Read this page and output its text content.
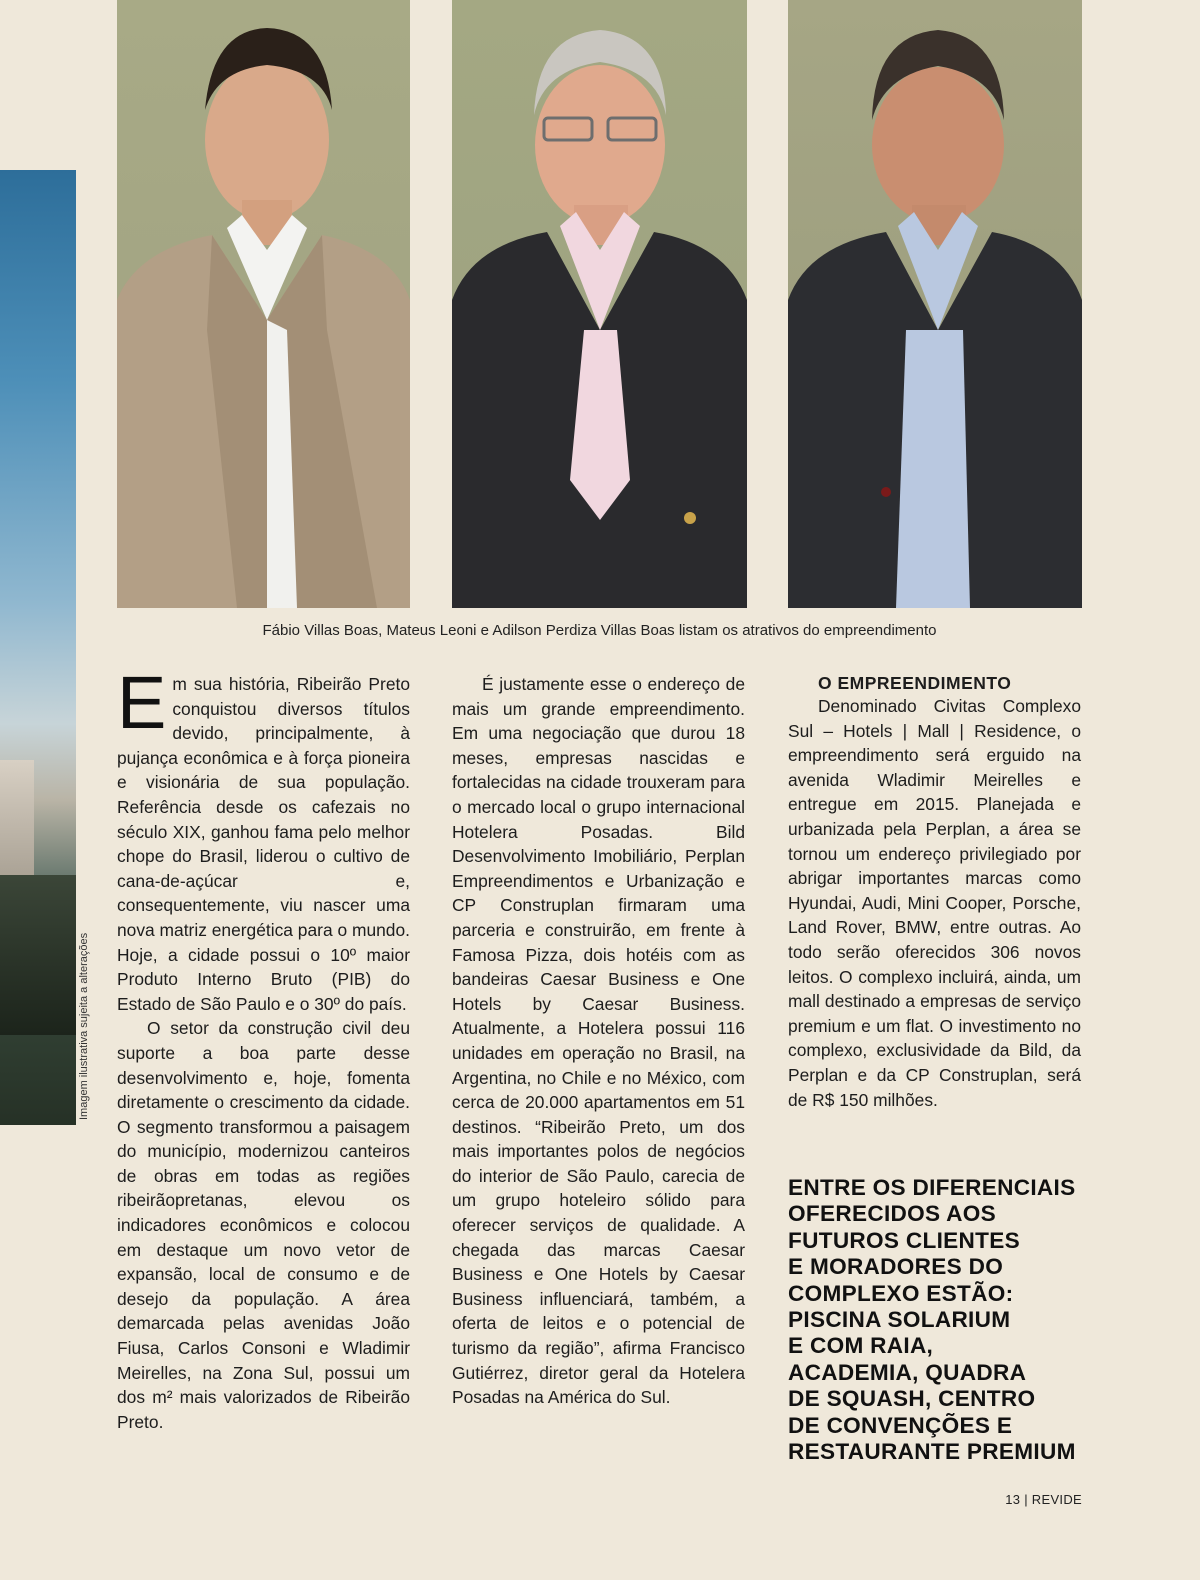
Imagem ilustrativa sujeita a alterações
Fábio Villas Boas, Mateus Leoni e Adilson Perdiza Villas Boas listam os atrativos do empreendimento

Em sua história, Ribeirão Preto conquistou diversos títulos devido, principalmente, à pujança econômica e à força pioneira e visionária de sua população. Referência desde os cafezais no século XIX, ganhou fama pelo melhor chope do Brasil, liderou o cultivo de cana-de-açúcar e, consequentemente, viu nascer uma nova matriz energética para o mundo. Hoje, a cidade possui o 10º maior Produto Interno Bruto (PIB) do Estado de São Paulo e o 30º do país.

O setor da construção civil deu suporte a boa parte desse desenvolvimento e, hoje, fomenta diretamente o crescimento da cidade. O segmento transformou a paisagem do município, modernizou canteiros de obras em todas as regiões ribeirãopretanas, elevou os indicadores econômicos e colocou em destaque um novo vetor de expansão, local de consumo e de desejo da população. A área demarcada pelas avenidas João Fiusa, Carlos Consoni e Wladimir Meirelles, na Zona Sul, possui um dos m² mais valorizados de Ribeirão Preto.

É justamente esse o endereço de mais um grande empreendimento. Em uma negociação que durou 18 meses, empresas nascidas e fortalecidas na cidade trouxeram para o mercado local o grupo internacional Hotelera Posadas. Bild Desenvolvimento Imobiliário, Perplan Empreendimentos e Urbanização e CP Construplan firmaram uma parceria e construirão, em frente à Famosa Pizza, dois hotéis com as bandeiras Caesar Business e One Hotels by Caesar Business. Atualmente, a Hotelera possui 116 unidades em operação no Brasil, na Argentina, no Chile e no México, com cerca de 20.000 apartamentos em 51 destinos. “Ribeirão Preto, um dos mais importantes polos de negócios do interior de São Paulo, carecia de um grupo hoteleiro sólido para oferecer serviços de qualidade. A chegada das marcas Caesar Business e One Hotels by Caesar Business influenciará, também, a oferta de leitos e o potencial de turismo da região”, afirma Francisco Gutiérrez, diretor geral da Hotelera Posadas na América do Sul.

O EMPREENDIMENTO

Denominado Civitas Complexo Sul – Hotels | Mall | Residence, o empreendimento será erguido na avenida Wladimir Meirelles e entregue em 2015. Planejada e urbanizada pela Perplan, a área se tornou um endereço privilegiado por abrigar importantes marcas como Hyundai, Audi, Mini Cooper, Porsche, Land Rover, BMW, entre outras. Ao todo serão oferecidos 306 novos leitos. O complexo incluirá, ainda, um mall destinado a empresas de serviço premium e um flat. O investimento no complexo, exclusividade da Bild, da Perplan e da CP Construplan, será de R$ 150 milhões.

ENTRE OS DIFERENCIAIS
OFERECIDOS AOS
FUTUROS CLIENTES
E MORADORES DO
COMPLEXO ESTÃO:
PISCINA SOLARIUM
E COM RAIA,
ACADEMIA, QUADRA
DE SQUASH, CENTRO
DE CONVENÇÕES E
RESTAURANTE PREMIUM

13 | REVIDE
